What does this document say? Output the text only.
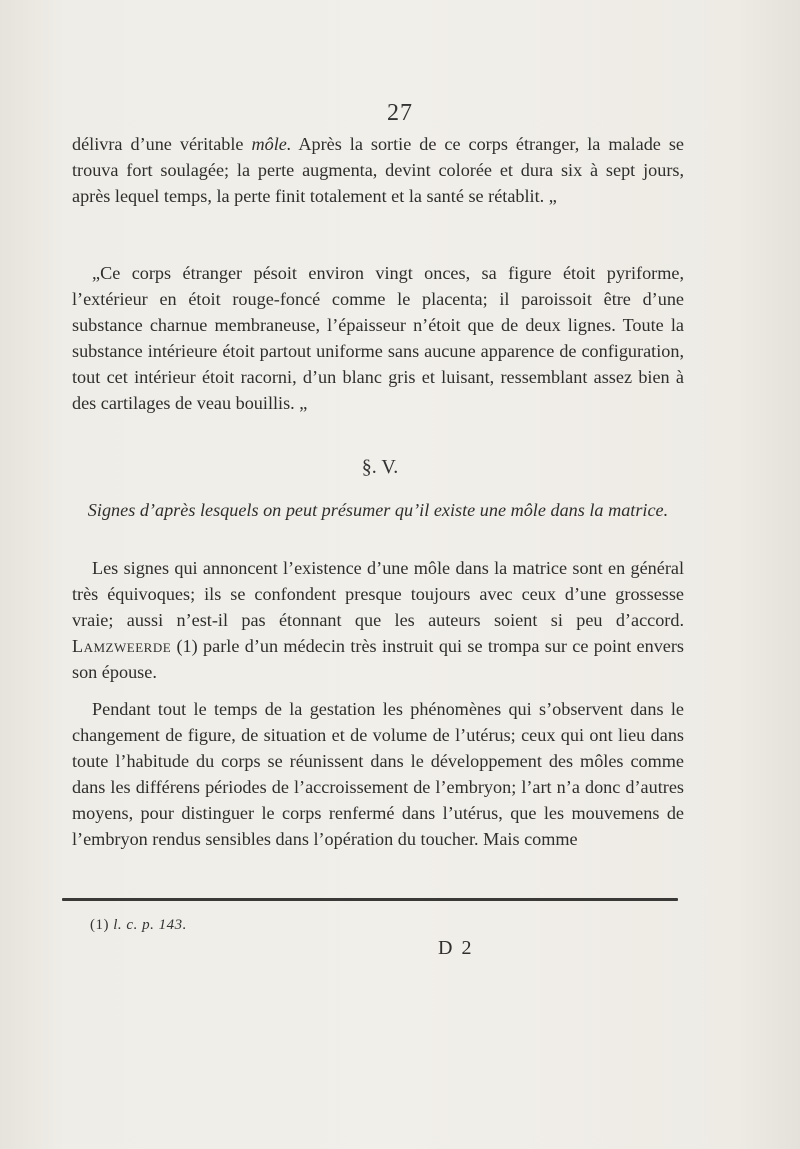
27
délivra d’une véritable môle. Après la sortie de ce corps étranger, la malade se trouva fort soulagée; la perte augmenta, devint colorée et dura six à sept jours, après lequel temps, la perte finit totalement et la santé se rétablit. „
„Ce corps étranger pésoit environ vingt onces, sa figure étoit pyriforme, l’extérieur en étoit rouge-foncé comme le placenta; il paroissoit être d’une substance charnue membraneuse, l’épaisseur n’étoit que de deux lignes. Toute la substance intérieure étoit partout uniforme sans aucune apparence de configuration, tout cet intérieur étoit racorni, d’un blanc gris et luisant, ressemblant assez bien à des cartilages de veau bouillis. „
§. V.
Signes d’après lesquels on peut présumer qu’il existe une môle dans la matrice.
Les signes qui annoncent l’existence d’une môle dans la matrice sont en général très équivoques; ils se confondent presque toujours avec ceux d’une grossesse vraie; aussi n’est-il pas étonnant que les auteurs soient si peu d’accord. Lamzweerde (1) parle d’un médecin très instruit qui se trompa sur ce point envers son épouse.
Pendant tout le temps de la gestation les phénomènes qui s’observent dans le changement de figure, de situation et de volume de l’utérus; ceux qui ont lieu dans toute l’habitude du corps se réunissent dans le développement des môles comme dans les différens périodes de l’accroissement de l’embryon; l’art n’a donc d’autres moyens, pour distinguer le corps renfermé dans l’utérus, que les mouvemens de l’embryon rendus sensibles dans l’opération du toucher. Mais comme
(1) l. c. p. 143.
D 2
